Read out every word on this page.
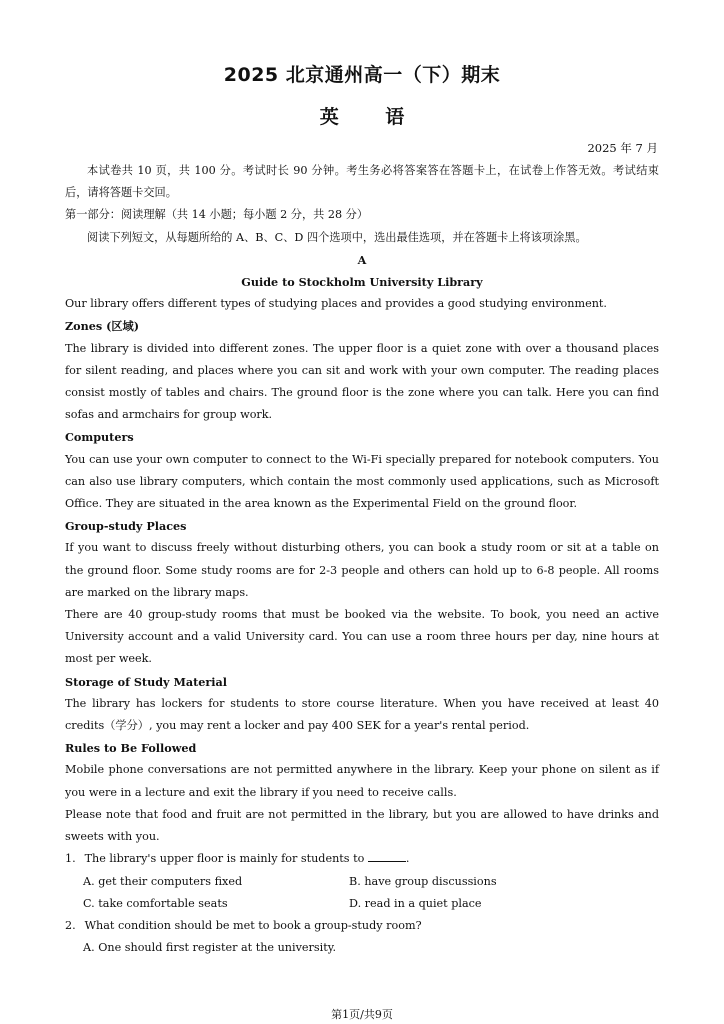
2025 北京通州高一（下）期末
英 语
2025 年 7 月

本试卷共 10 页，共 100 分。考试时长 90 分钟。考生务必将答案答在答题卡上，在试卷上作答无效。考试结束后，请将答题卡交回。

第一部分：阅读理解（共 14 小题；每小题 2 分，共 28 分）

阅读下列短文，从每题所给的 A、B、C、D 四个选项中，选出最佳选项，并在答题卡上将该项涂黑。

A

Guide to Stockholm University Library

Our library offers different types of studying places and provides a good studying environment.

Zones (区域)

The library is divided into different zones. The upper floor is a quiet zone with over a thousand places for silent reading, and places where you can sit and work with your own computer. The reading places consist mostly of tables and chairs. The ground floor is the zone where you can talk. Here you can find sofas and armchairs for group work.

Computers

You can use your own computer to connect to the Wi-Fi specially prepared for notebook computers. You can also use library computers, which contain the most commonly used applications, such as Microsoft Office. They are situated in the area known as the Experimental Field on the ground floor.

Group-study Places

If you want to discuss freely without disturbing others, you can book a study room or sit at a table on the ground floor. Some study rooms are for 2-3 people and others can hold up to 6-8 people. All rooms are marked on the library maps.

There are 40 group-study rooms that must be booked via the website. To book, you need an active University account and a valid University card. You can use a room three hours per day, nine hours at most per week.

Storage of Study Material

The library has lockers for students to store course literature. When you have received at least 40 credits（学分）, you may rent a locker and pay 400 SEK for a year's rental period.

Rules to Be Followed

Mobile phone conversations are not permitted anywhere in the library. Keep your phone on silent as if you were in a lecture and exit the library if you need to receive calls.

Please note that food and fruit are not permitted in the library, but you are allowed to have drinks and sweets with you.

1. The library's upper floor is mainly for students to	.

A. get their computers fixed	B. have group discussions
C. take comfortable seats	D. read in a quiet place

2. What condition should be met to book a group-study room?

A. One should first register at the university.
第1页/共9页
